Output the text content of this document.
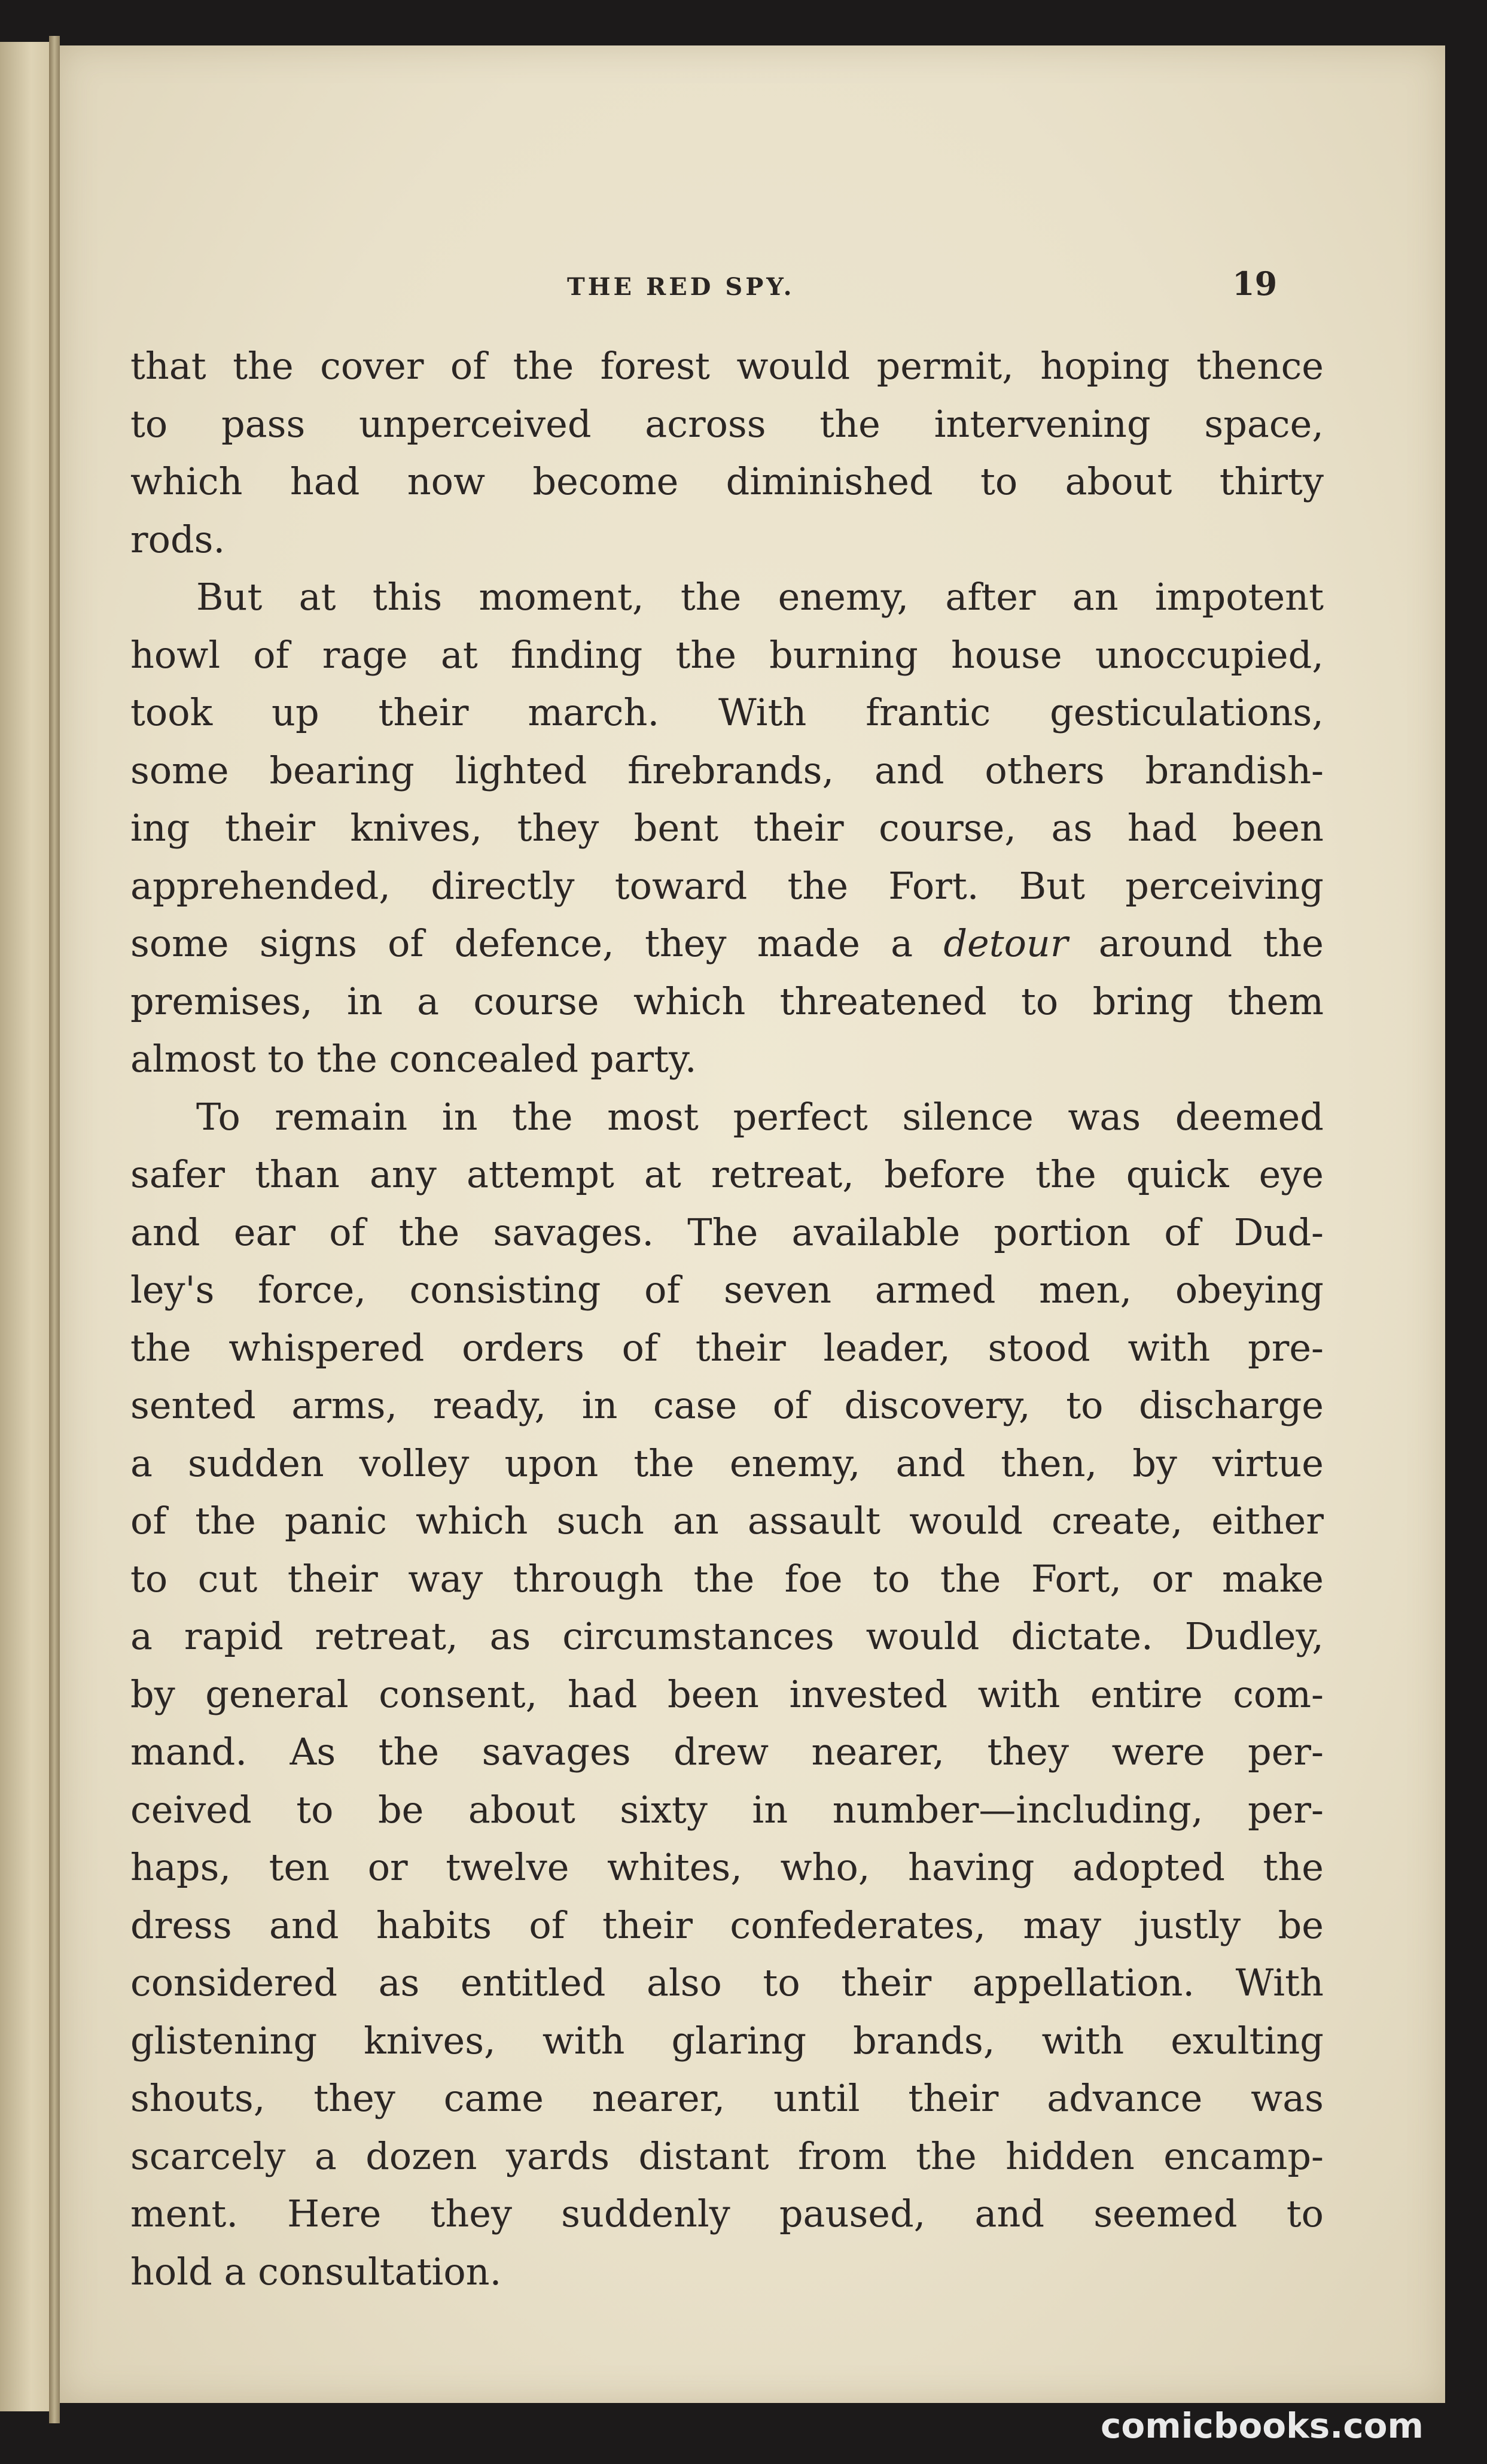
THE RED SPY.	19
that the cover of the forest would permit, hoping thence
to pass unperceived across the intervening space,
which had now become diminished to about thirty
rods.
But at this moment, the enemy, after an impotent
howl of rage at finding the burning house unoccupied,
took up their march. With frantic gesticulations,
some bearing lighted firebrands, and others brandish-
ing their knives, they bent their course, as had been
apprehended, directly toward the Fort. But perceiving
some signs of defence, they made a detour around the
premises, in a course which threatened to bring them
almost to the concealed party.
To remain in the most perfect silence was deemed
safer than any attempt at retreat, before the quick eye
and ear of the savages. The available portion of Dud-
ley's force, consisting of seven armed men, obeying
the whispered orders of their leader, stood with pre-
sented arms, ready, in case of discovery, to discharge
a sudden volley upon the enemy, and then, by virtue
of the panic which such an assault would create, either
to cut their way through the foe to the Fort, or make
a rapid retreat, as circumstances would dictate. Dudley,
by general consent, had been invested with entire com-
mand. As the savages drew nearer, they were per-
ceived to be about sixty in number—including, per-
haps, ten or twelve whites, who, having adopted the
dress and habits of their confederates, may justly be
considered as entitled also to their appellation. With
glistening knives, with glaring brands, with exulting
shouts, they came nearer, until their advance was
scarcely a dozen yards distant from the hidden encamp-
ment. Here they suddenly paused, and seemed to
hold a consultation.
comicbooks.com
